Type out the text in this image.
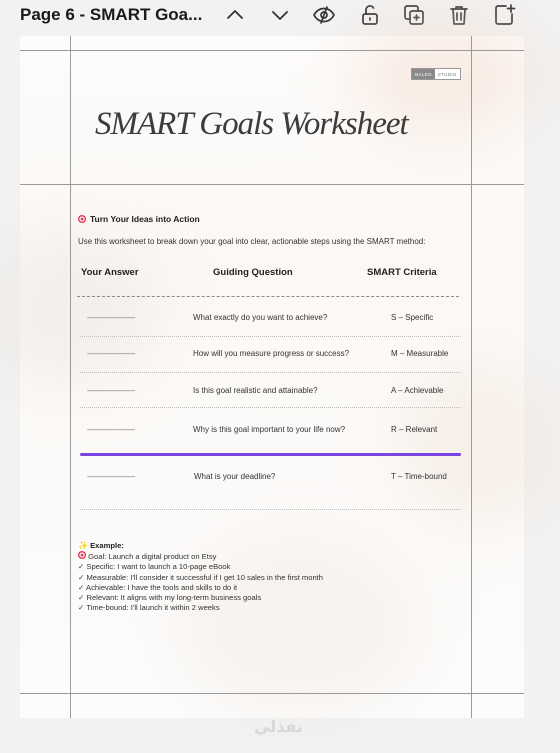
Page 6 - SMART Goa...
NALEO	STUDIO
SMART Goals Worksheet
Turn Your Ideas into Action
Use this worksheet to break down your goal into clear, actionable steps using the SMART method:
Your Answer	Guiding Question	SMART Criteria
------------------------	What exactly do you want to achieve?	S – Specific
------------------------	How will you measure progress or success?	M – Measurable
------------------------	Is this goal realistic and attainable?	A – Achievable
------------------------	Why is this goal important to your life now?	R – Relevant
------------------------	What is your deadline?	T – Time-bound
✨ Example:
Goal: Launch a digital product on Etsy
✓ Specific: I want to launch a 10-page eBook
✓ Measurable: I'll consider it successful if I get 10 sales in the first month
✓ Achievable: I have the tools and skills to do it
✓ Relevant: It aligns with my long-term business goals
✓ Time-bound: I'll launch it within 2 weeks
نفذلي
